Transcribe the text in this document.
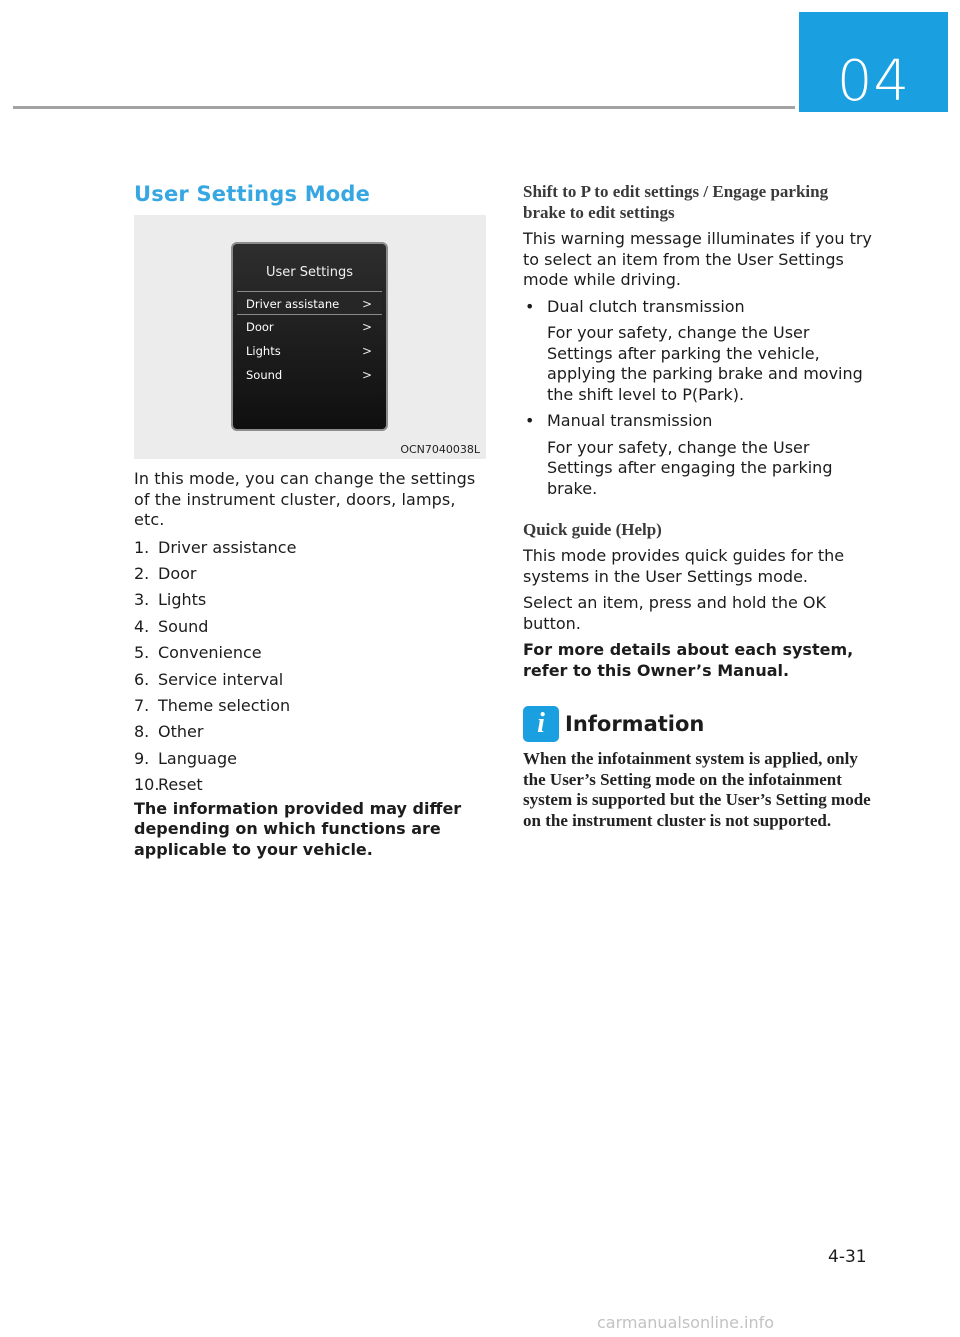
04
User Settings Mode
User Settings
Driver assistane >
Door	>
Lights	>
Sound	>
OCN7040038L

In this mode, you can change the settings of the instrument cluster, doors, lamps, etc.

1. Driver assistance
2. Door
3. Lights
4. Sound
5. Convenience
6. Service interval
7. Theme selection
8. Other
9. Language
10.
Reset

The information provided may differ depending on which functions are applicable to your vehicle.

Shift to P to edit settings / Engage parking brake to edit settings

This warning message illuminates if you try to select an item from the User Settings mode while driving.

• Dual clutch transmission

For your safety, change the User Settings after parking the vehicle, applying the parking brake and moving the shift level to P(Park).

• Manual transmission

For your safety, change the User Settings after engaging the parking brake.

Quick guide (Help)

This mode provides quick guides for the systems in the User Settings mode.

Select an item, press and hold the OK button.

For more details about each system, refer to this Owner’s Manual.

i Information

When the infotainment system is applied, only the User’s Setting mode on the infotainment system is supported but the User’s Setting mode on the instrument cluster is not supported.

4-31
carmanualsonline.info
